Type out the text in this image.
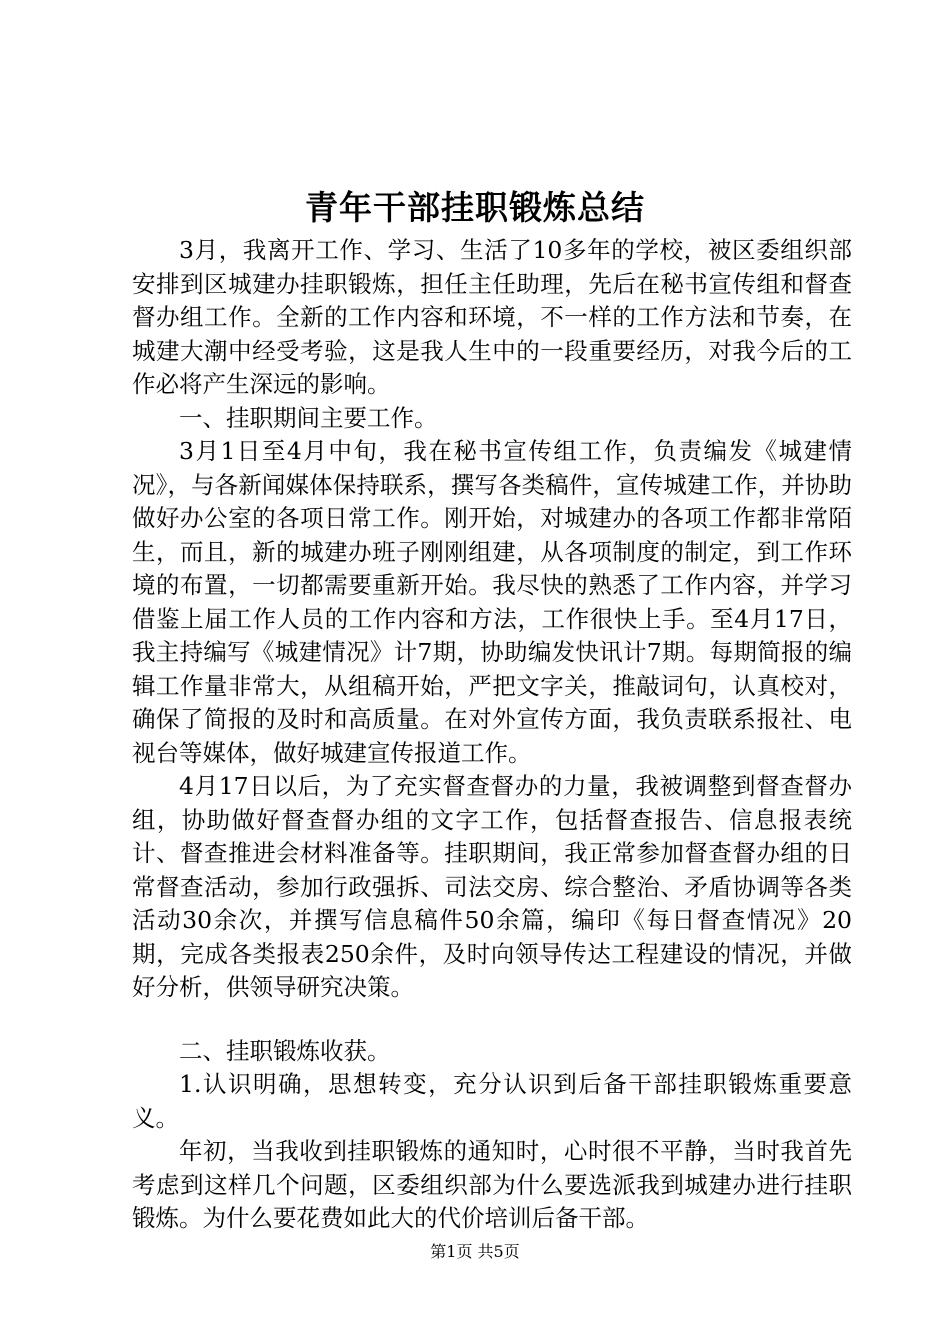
青年干部挂职锻炼总结

3月，我离开工作、学习、生活了10多年的学校，被区委组织部安排到区城建办挂职锻炼，担任主任助理，先后在秘书宣传组和督查督办组工作。全新的工作内容和环境，不一样的工作方法和节奏，在城建大潮中经受考验，这是我人生中的一段重要经历，对我今后的工作必将产生深远的影响。

一、挂职期间主要工作。

3月1日至4月中旬，我在秘书宣传组工作，负责编发《城建情况》，与各新闻媒体保持联系，撰写各类稿件，宣传城建工作，并协助做好办公室的各项日常工作。刚开始，对城建办的各项工作都非常陌生，而且，新的城建办班子刚刚组建，从各项制度的制定，到工作环境的布置，一切都需要重新开始。我尽快的熟悉了工作内容，并学习借鉴上届工作人员的工作内容和方法，工作很快上手。至4月17日，我主持编写《城建情况》计7期，协助编发快讯计7期。每期简报的编辑工作量非常大，从组稿开始，严把文字关，推敲词句，认真校对，确保了简报的及时和高质量。在对外宣传方面，我负责联系报社、电视台等媒体，做好城建宣传报道工作。

4月17日以后，为了充实督查督办的力量，我被调整到督查督办组，协助做好督查督办组的文字工作，包括督查报告、信息报表统计、督查推进会材料准备等。挂职期间，我正常参加督查督办组的日常督查活动，参加行政强拆、司法交房、综合整治、矛盾协调等各类活动30余次，并撰写信息稿件50余篇，编印《每日督查情况》20期，完成各类报表250余件，及时向领导传达工程建设的情况，并做好分析，供领导研究决策。

二、挂职锻炼收获。

1.认识明确，思想转变，充分认识到后备干部挂职锻炼重要意义。

年初，当我收到挂职锻炼的通知时，心时很不平静，当时我首先考虑到这样几个问题，区委组织部为什么要选派我到城建办进行挂职锻炼。为什么要花费如此大的代价培训后备干部。

第1页 共5页
